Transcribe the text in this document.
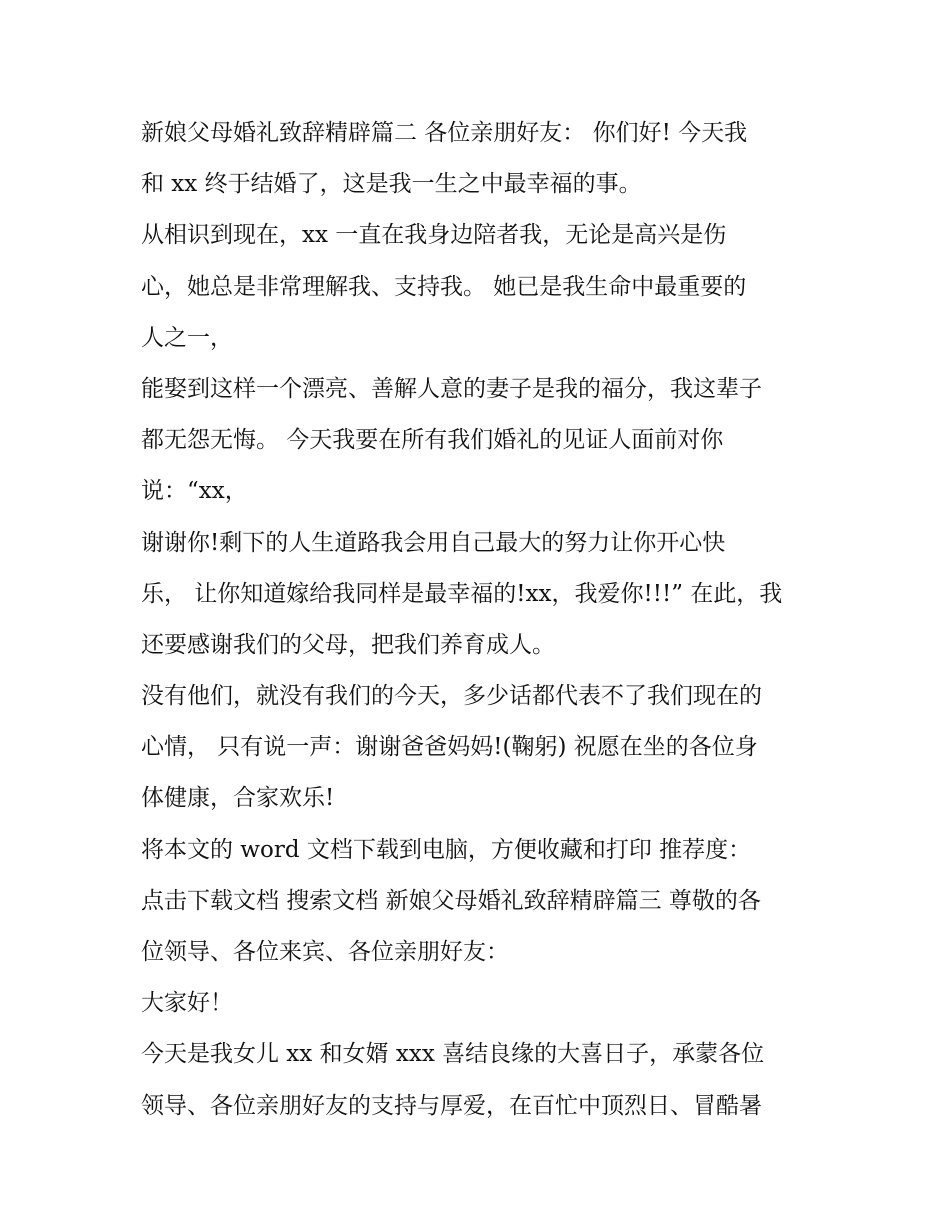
新娘父母婚礼致辞精辟篇二 各位亲朋好友： 你们好! 今天我
和 xx 终于结婚了，这是我一生之中最幸福的事。
从相识到现在，xx 一直在我身边陪者我，无论是高兴是伤
心，她总是非常理解我、支持我。 她已是我生命中最重要的
人之一，
能娶到这样一个漂亮、善解人意的妻子是我的福分，我这辈子
都无怨无悔。 今天我要在所有我们婚礼的见证人面前对你
说：“xx，
谢谢你!剩下的人生道路我会用自己最大的努力让你开心快
乐， 让你知道嫁给我同样是最幸福的!xx，我爱你!!!” 在此，我
还要感谢我们的父母，把我们养育成人。
没有他们，就没有我们的今天，多少话都代表不了我们现在的
心情， 只有说一声：谢谢爸爸妈妈!(鞠躬) 祝愿在坐的各位身
体健康，合家欢乐!
将本文的 word 文档下载到电脑，方便收藏和打印 推荐度：
点击下载文档 搜索文档 新娘父母婚礼致辞精辟篇三 尊敬的各
位领导、各位来宾、各位亲朋好友：
大家好！
今天是我女儿 xx 和女婿 xxx 喜结良缘的大喜日子，承蒙各位
领导、各位亲朋好友的支持与厚爱，在百忙中顶烈日、冒酷暑
